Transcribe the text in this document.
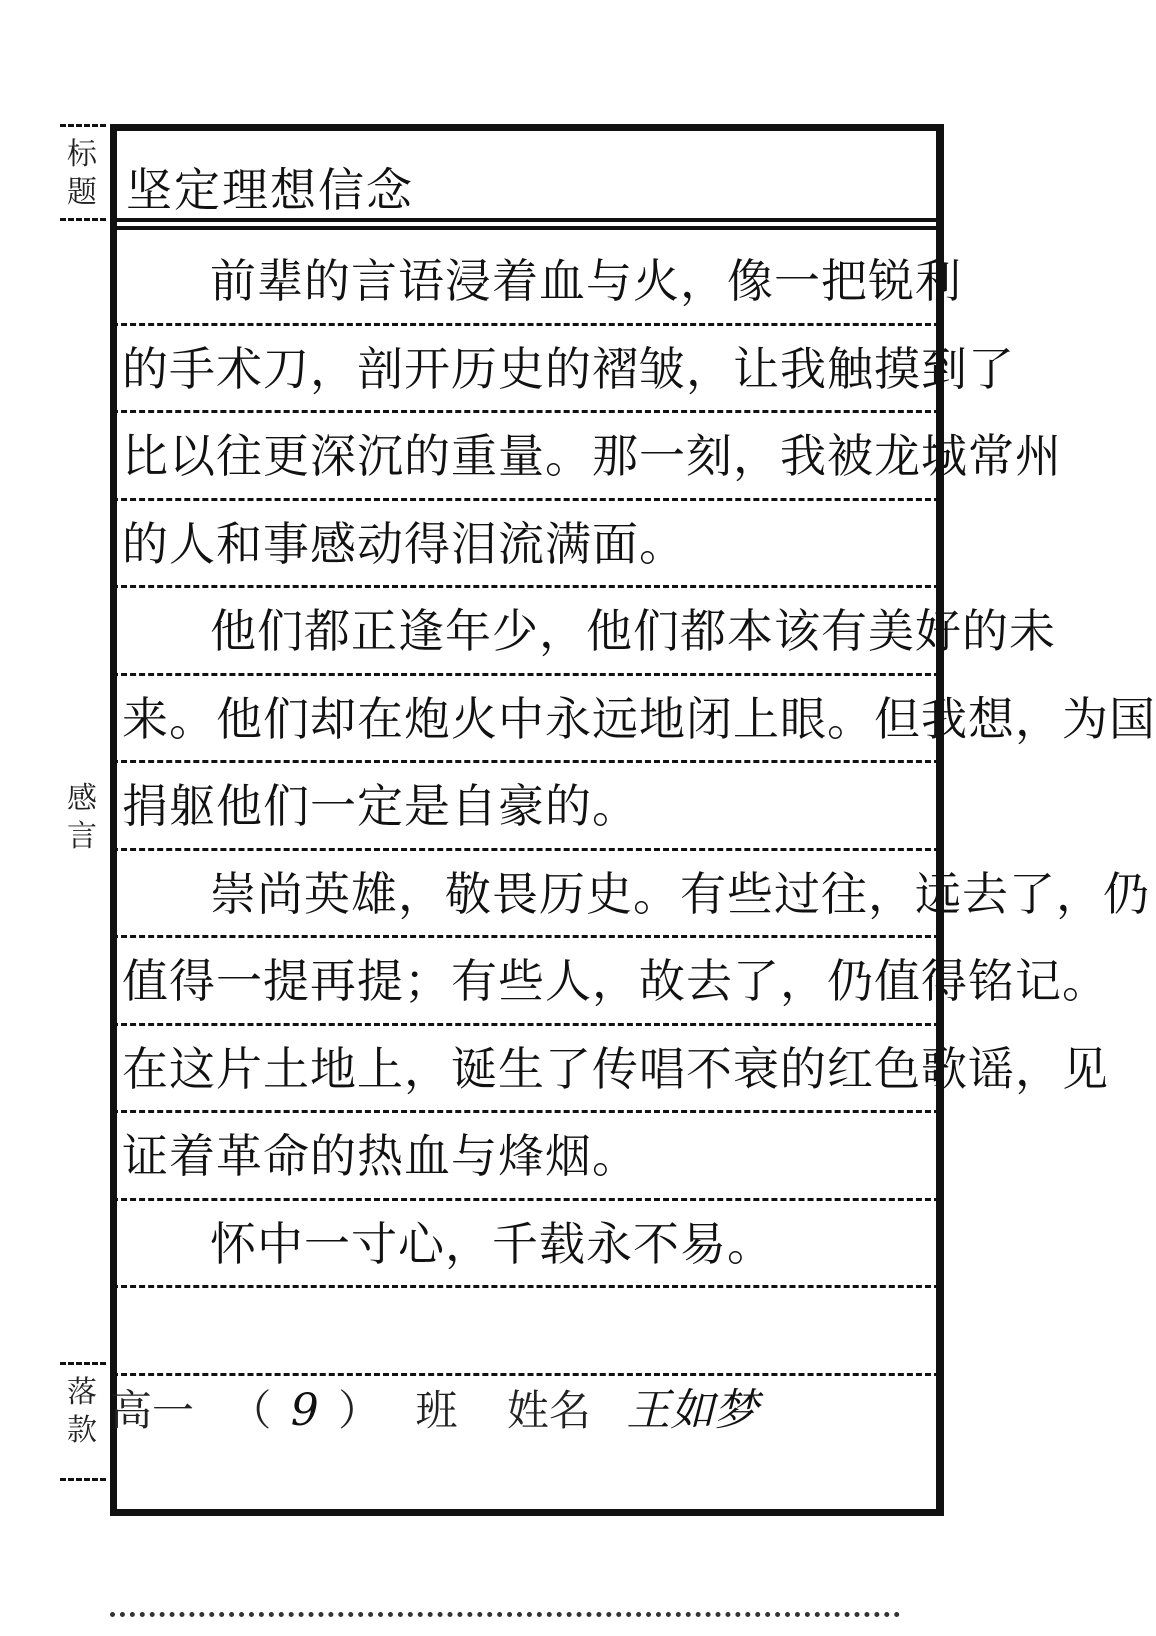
标
题
感
言
落
款
坚定理想信念
前辈的言语浸着血与火，像一把锐利
的手术刀，剖开历史的褶皱，让我触摸到了
比以往更深沉的重量。那一刻，我被龙城常州
的人和事感动得泪流满面。
他们都正逢年少，他们都本该有美好的未
来。他们却在炮火中永远地闭上眼。但我想，为国
捐躯他们一定是自豪的。
崇尚英雄，敬畏历史。有些过往，远去了，仍
值得一提再提；有些人，故去了，仍值得铭记。
在这片土地上，诞生了传唱不衰的红色歌谣，见
证着革命的热血与烽烟。
怀中一寸心，千载永不易。
高一 （ 9 ） 班 姓名 王如梦
